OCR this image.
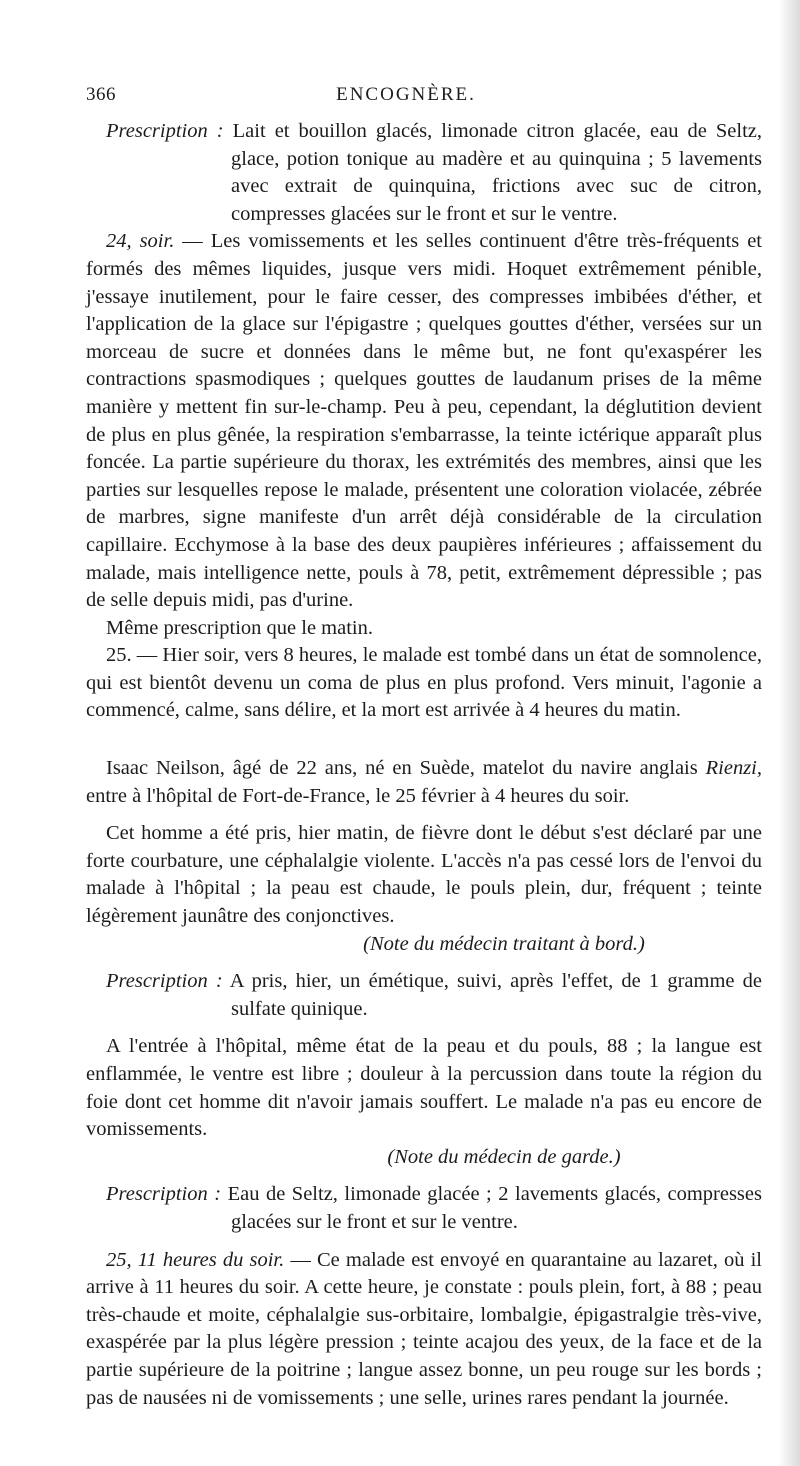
366	ENCOGNÈRE.

Prescription : Lait et bouillon glacés, limonade citron glacée, eau de Seltz, glace, potion tonique au madère et au quinquina ; 5 lavements avec extrait de quinquina, frictions avec suc de citron, compresses glacées sur le front et sur le ventre.

24, soir. — Les vomissements et les selles continuent d'être très-fréquents et formés des mêmes liquides, jusque vers midi. Hoquet extrêmement pénible, j'essaye inutilement, pour le faire cesser, des compresses imbibées d'éther, et l'application de la glace sur l'épigastre ; quelques gouttes d'éther, versées sur un morceau de sucre et données dans le même but, ne font qu'exaspérer les contractions spasmodiques ; quelques gouttes de laudanum prises de la même manière y mettent fin sur-le-champ. Peu à peu, cependant, la déglutition devient de plus en plus gênée, la respiration s'embarrasse, la teinte ictérique apparaît plus foncée. La partie supérieure du thorax, les extrémités des membres, ainsi que les parties sur lesquelles repose le malade, présentent une coloration violacée, zébrée de marbres, signe manifeste d'un arrêt déjà considérable de la circulation capillaire. Ecchymose à la base des deux paupières inférieures ; affaissement du malade, mais intelligence nette, pouls à 78, petit, extrêmement dépressible ; pas de selle depuis midi, pas d'urine.

Même prescription que le matin.

25. — Hier soir, vers 8 heures, le malade est tombé dans un état de somnolence, qui est bientôt devenu un coma de plus en plus profond. Vers minuit, l'agonie a commencé, calme, sans délire, et la mort est arrivée à 4 heures du matin.

Isaac Neilson, âgé de 22 ans, né en Suède, matelot du navire anglais Rienzi, entre à l'hôpital de Fort-de-France, le 25 février à 4 heures du soir.

Cet homme a été pris, hier matin, de fièvre dont le début s'est déclaré par une forte courbature, une céphalalgie violente. L'accès n'a pas cessé lors de l'envoi du malade à l'hôpital ; la peau est chaude, le pouls plein, dur, fréquent ; teinte légèrement jaunâtre des conjonctives.

(Note du médecin traitant à bord.)

Prescription : A pris, hier, un émétique, suivi, après l'effet, de 1 gramme de sulfate quinique.

A l'entrée à l'hôpital, même état de la peau et du pouls, 88 ; la langue est enflammée, le ventre est libre ; douleur à la percussion dans toute la région du foie dont cet homme dit n'avoir jamais souffert. Le malade n'a pas eu encore de vomissements.

(Note du médecin de garde.)

Prescription : Eau de Seltz, limonade glacée ; 2 lavements glacés, compresses glacées sur le front et sur le ventre.

25, 11 heures du soir. — Ce malade est envoyé en quarantaine au lazaret, où il arrive à 11 heures du soir. A cette heure, je constate : pouls plein, fort, à 88 ; peau très-chaude et moite, céphalalgie sus-orbitaire, lombalgie, épigastralgie très-vive, exaspérée par la plus légère pression ; teinte acajou des yeux, de la face et de la partie supérieure de la poitrine ; langue assez bonne, un peu rouge sur les bords ; pas de nausées ni de vomissements ; une selle, urines rares pendant la journée.
